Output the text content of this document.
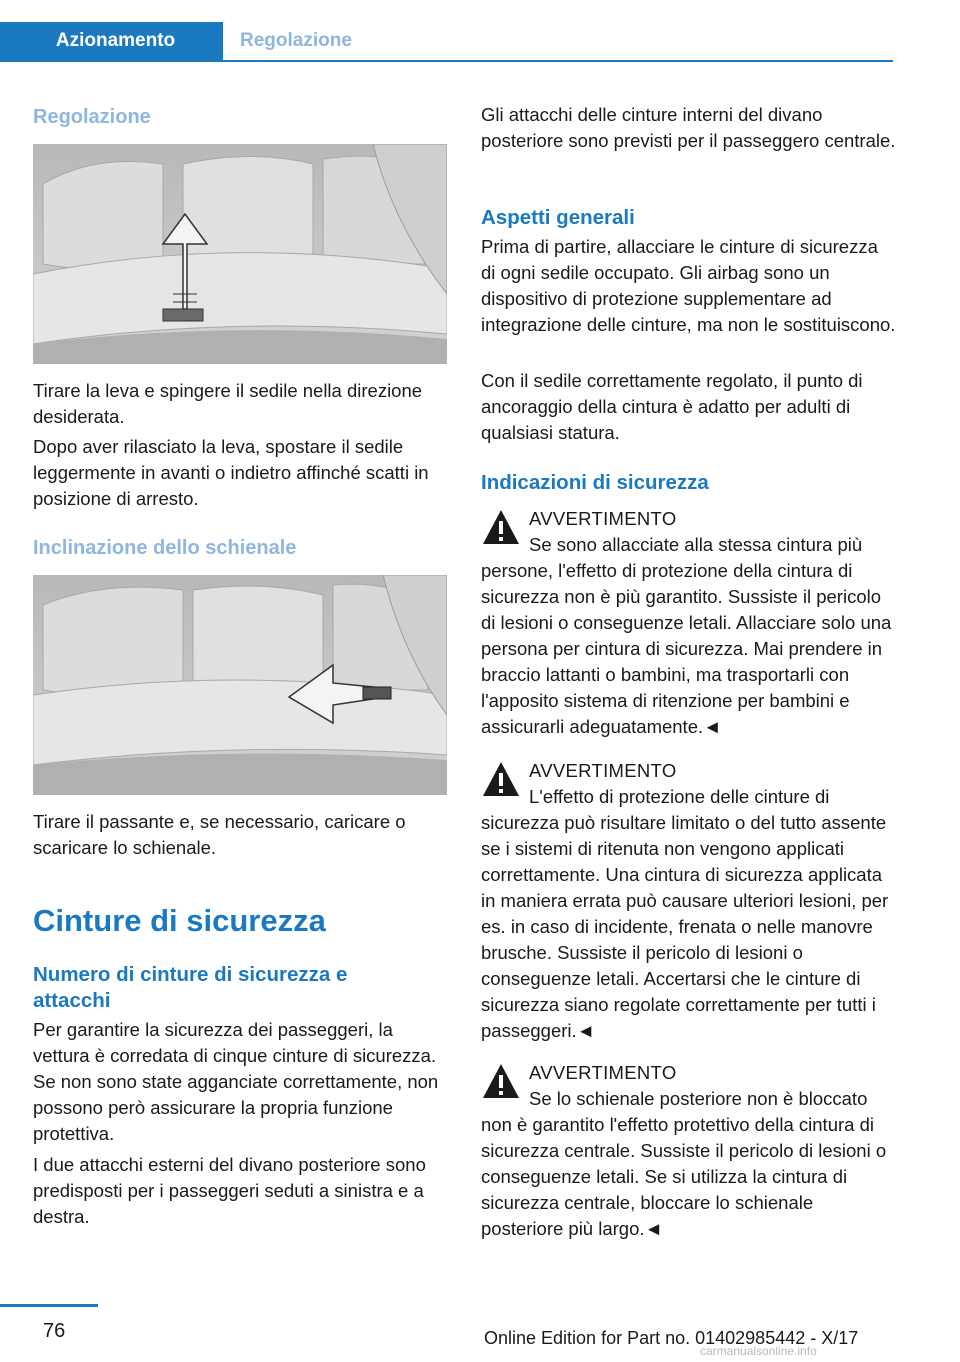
Azionamento	Regolazione
Regolazione

Tirare la leva e spingere il sedile nella direzione desiderata.

Dopo aver rilasciato la leva, spostare il sedile leggermente in avanti o indietro affinché scatti in posizione di arresto.

Inclinazione dello schienale

Tirare il passante e, se necessario, caricare o scaricare lo schienale.

Cinture di sicurezza
Numero di cinture di sicurezza e attacchi

Per garantire la sicurezza dei passeggeri, la vettura è corredata di cinque cinture di sicurezza. Se non sono state agganciate correttamente, non possono però assicurare la propria funzione protettiva.

I due attacchi esterni del divano posteriore sono predisposti per i passeggeri seduti a sinistra e a destra.

Gli attacchi delle cinture interni del divano posteriore sono previsti per il passeggero centrale.

Aspetti generali

Prima di partire, allacciare le cinture di sicurezza di ogni sedile occupato. Gli airbag sono un dispositivo di protezione supplementare ad integrazione delle cinture, ma non le sostituiscono.

Con il sedile correttamente regolato, il punto di ancoraggio della cintura è adatto per adulti di qualsiasi statura.

Indicazioni di sicurezza
AVVERTIMENTO
Se sono allacciate alla stessa cintura più persone, l'effetto di protezione della cintura di sicurezza non è più garantito. Sussiste il pericolo di lesioni o conseguenze letali. Allacciare solo una persona per cintura di sicurezza. Mai prendere in braccio lattanti o bambini, ma trasportarli con l'apposito sistema di ritenzione per bambini e assicurarli adeguatamente.◄
AVVERTIMENTO
L'effetto di protezione delle cinture di sicurezza può risultare limitato o del tutto assente se i sistemi di ritenuta non vengono applicati correttamente. Una cintura di sicurezza applicata in maniera errata può causare ulteriori lesioni, per es. in caso di incidente, frenata o nelle manovre brusche. Sussiste il pericolo di lesioni o conseguenze letali. Accertarsi che le cinture di sicurezza siano regolate correttamente per tutti i passeggeri.◄
AVVERTIMENTO
Se lo schienale posteriore non è bloccato non è garantito l'effetto protettivo della cintura di sicurezza centrale. Sussiste il pericolo di lesioni o conseguenze letali. Se si utilizza la cintura di sicurezza centrale, bloccare lo schienale posteriore più largo.◄
76	Online Edition for Part no. 01402985442 - X/17
carmanualsonline.info
